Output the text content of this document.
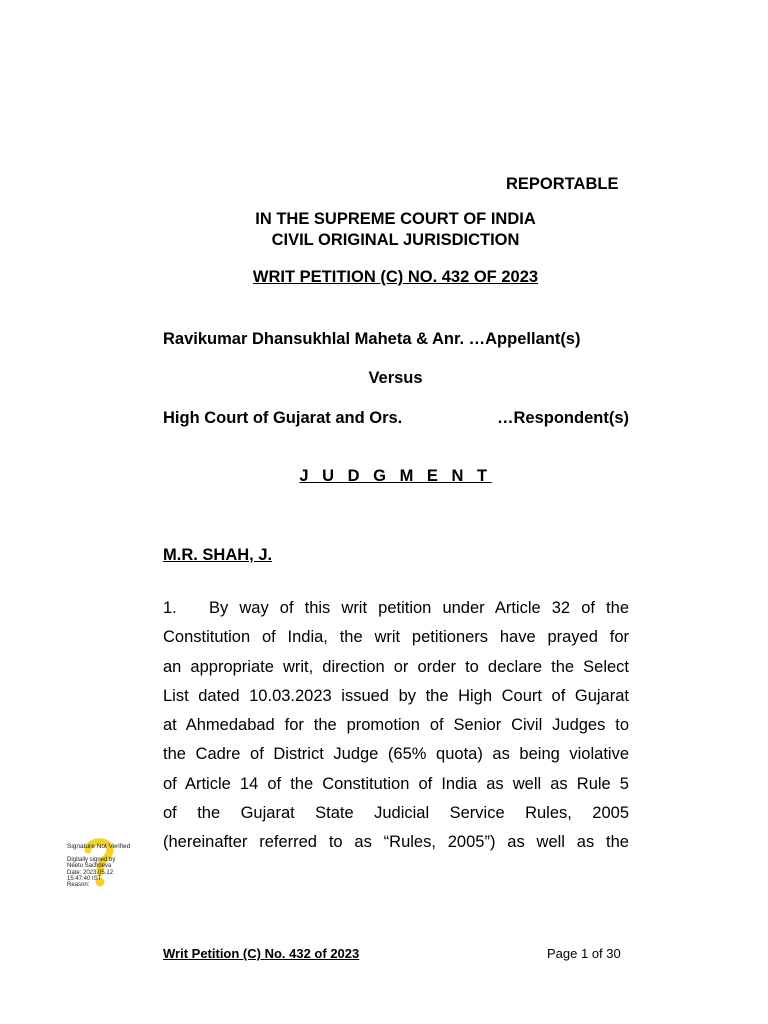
REPORTABLE
IN THE SUPREME COURT OF INDIA
CIVIL ORIGINAL JURISDICTION
WRIT PETITION (C) NO. 432 OF 2023
Ravikumar Dhansukhlal Maheta & Anr. …Appellant(s)
Versus
High Court of Gujarat and Ors.	…Respondent(s)
J U D G M E N T
M.R. SHAH, J.
1. By way of this writ petition under Article 32 of the
Constitution of India, the writ petitioners have prayed for
an appropriate writ, direction or order to declare the Select
List dated 10.03.2023 issued by the High Court of Gujarat
at Ahmedabad for the promotion of Senior Civil Judges to
the Cadre of District Judge (65% quota) as being violative
of Article 14 of the Constitution of India as well as Rule 5
of the Gujarat State Judicial Service Rules, 2005
(hereinafter referred to as “Rules, 2005”) as well as the
Signature Not Verified
Digitally signed by
Neetu Sachdeva
Date: 2023.05.12
15:47:40 IST
Reason:
Writ Petition (C) No. 432 of 2023	Page 1 of 30
